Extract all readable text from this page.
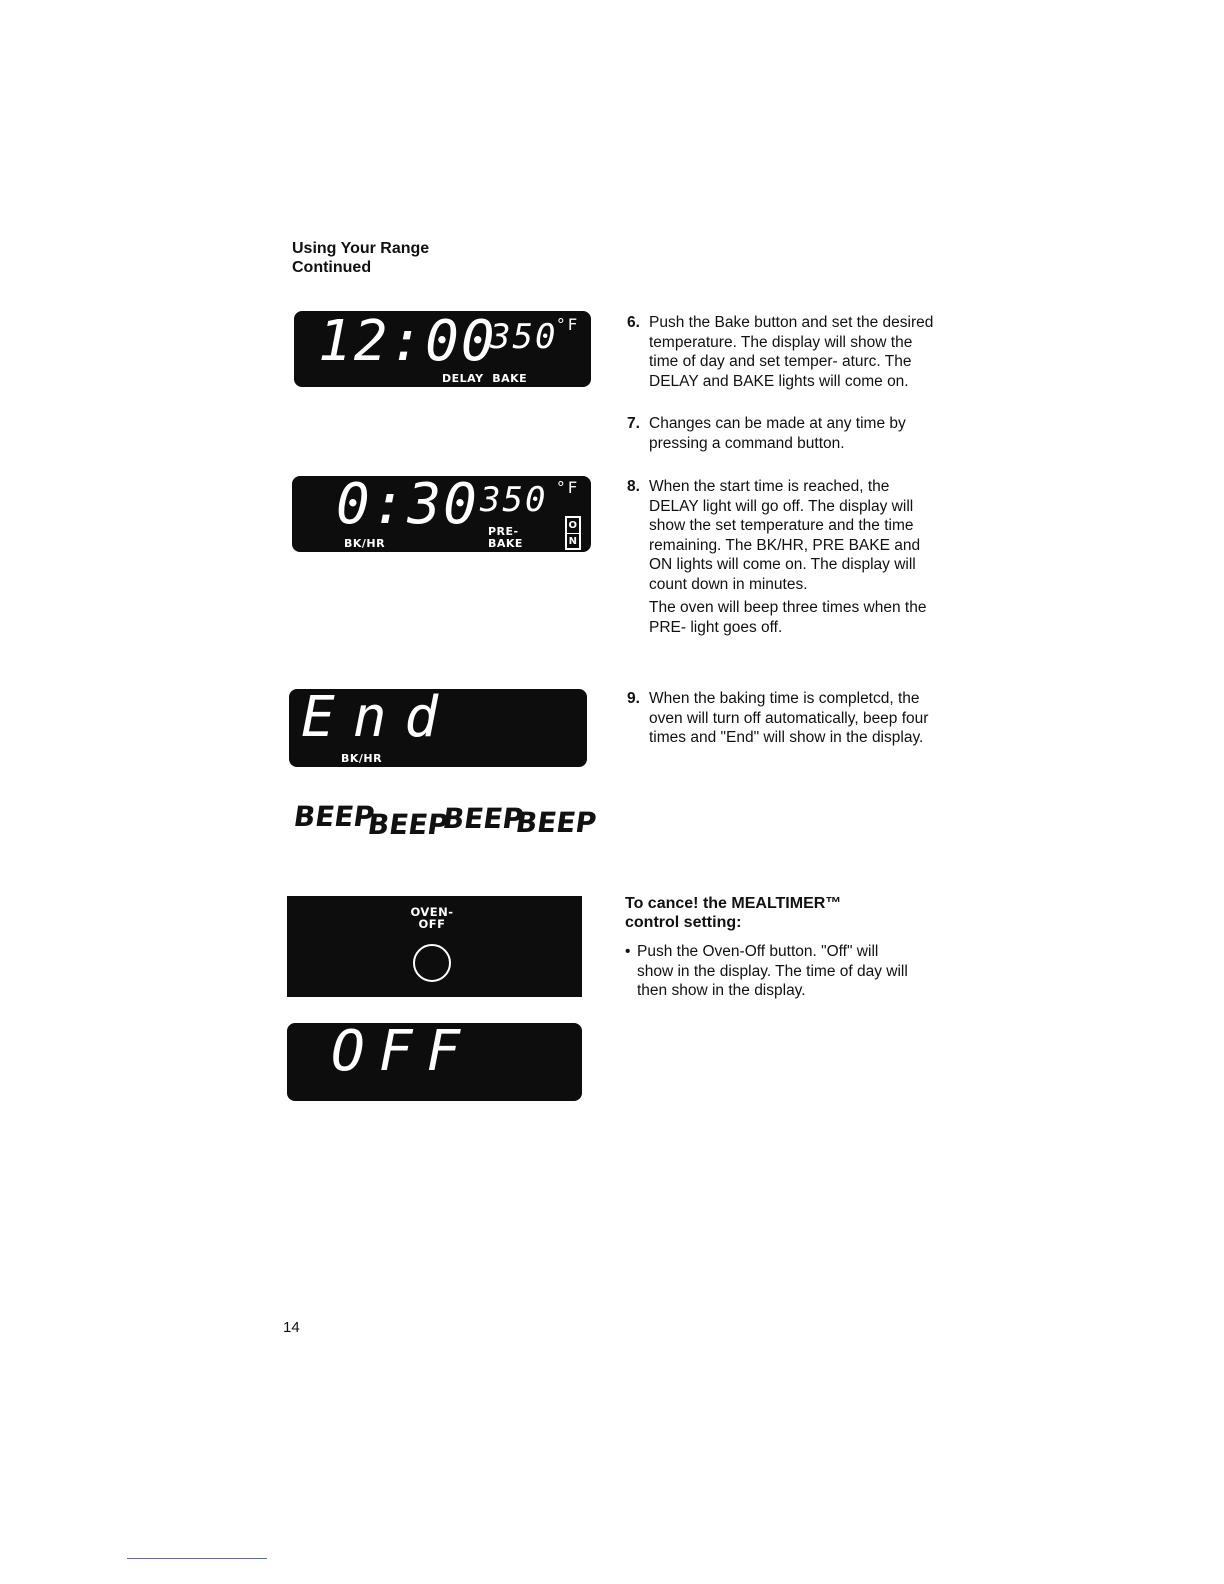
Using Your Range
Continued
12:00
350
°F
DELAY  BAKE
0:30 350 °F
BK/HR
PRE-
BAKE
O
N
End
BK/HR
BEEP
BEEP
BEEP
BEEP
OVEN-
OFF
OFF
6. Push the Bake button and set the desired temperature. The display will show the time of day and set temper- aturc. The DELAY and BAKE lights will come on.

7. Changes can be made at any time by pressing a command button.

8. When the start time is reached, the DELAY light will go off. The display will show the set temperature and the time remaining. The BK/HR, PRE BAKE and ON lights will come on. The display will count down in minutes.

The oven will beep three times when the PRE- light goes off.

9. When the baking time is completcd, the oven will turn off automatically, beep four times and "End" will show in the display.

To cance! the MEALTIMER™
control setting:
• Push the Oven-Off button. "Off" will show in the display. The time of day will then show in the display.

14
